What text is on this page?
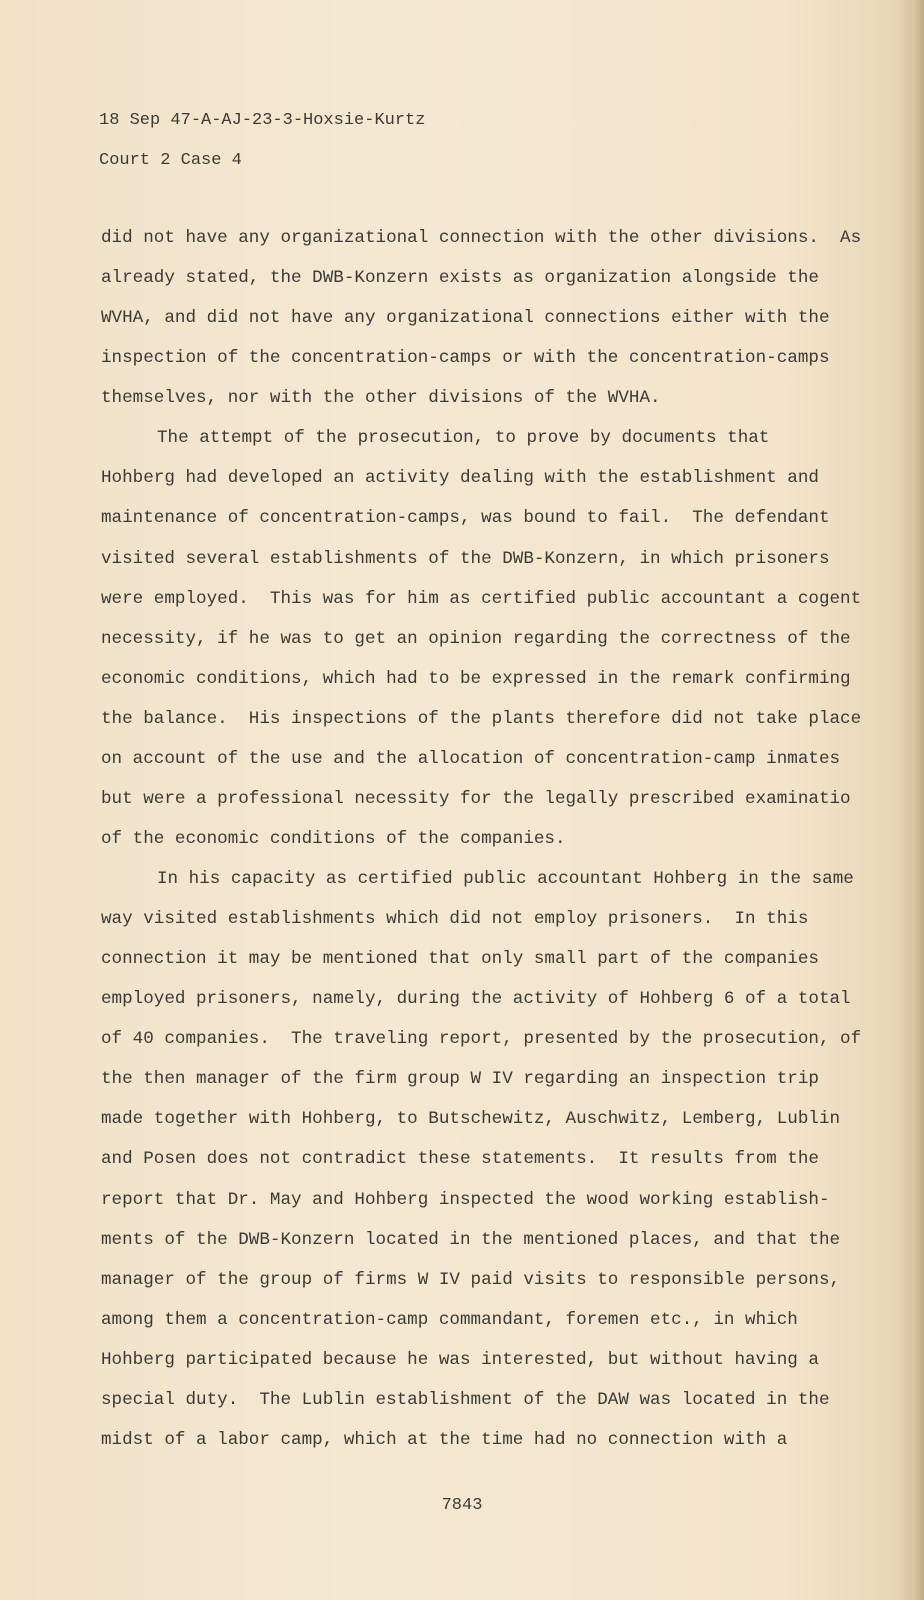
18 Sep 47-A-AJ-23-3-Hoxsie-Kurtz
Court 2 Case 4
did not have any organizational connection with the other divisions.  As
already stated, the DWB-Konzern exists as organization alongside the
WVHA, and did not have any organizational connections either with the
inspection of the concentration-camps or with the concentration-camps
themselves, nor with the other divisions of the WVHA.
The attempt of the prosecution, to prove by documents that
Hohberg had developed an activity dealing with the establishment and
maintenance of concentration-camps, was bound to fail.  The defendant
visited several establishments of the DWB-Konzern, in which prisoners
were employed.  This was for him as certified public accountant a cogent
necessity, if he was to get an opinion regarding the correctness of the
economic conditions, which had to be expressed in the remark confirming
the balance.  His inspections of the plants therefore did not take place
on account of the use and the allocation of concentration-camp inmates
but were a professional necessity for the legally prescribed examinatio
of the economic conditions of the companies.
In his capacity as certified public accountant Hohberg in the same
way visited establishments which did not employ prisoners.  In this
connection it may be mentioned that only small part of the companies
employed prisoners, namely, during the activity of Hohberg 6 of a total
of 40 companies.  The traveling report, presented by the prosecution, of
the then manager of the firm group W IV regarding an inspection trip
made together with Hohberg, to Butschewitz, Auschwitz, Lemberg, Lublin
and Posen does not contradict these statements.  It results from the
report that Dr. May and Hohberg inspected the wood working establish-
ments of the DWB-Konzern located in the mentioned places, and that the
manager of the group of firms W IV paid visits to responsible persons,
among them a concentration-camp commandant, foremen etc., in which
Hohberg participated because he was interested, but without having a
special duty.  The Lublin establishment of the DAW was located in the
midst of a labor camp, which at the time had no connection with a
7843
